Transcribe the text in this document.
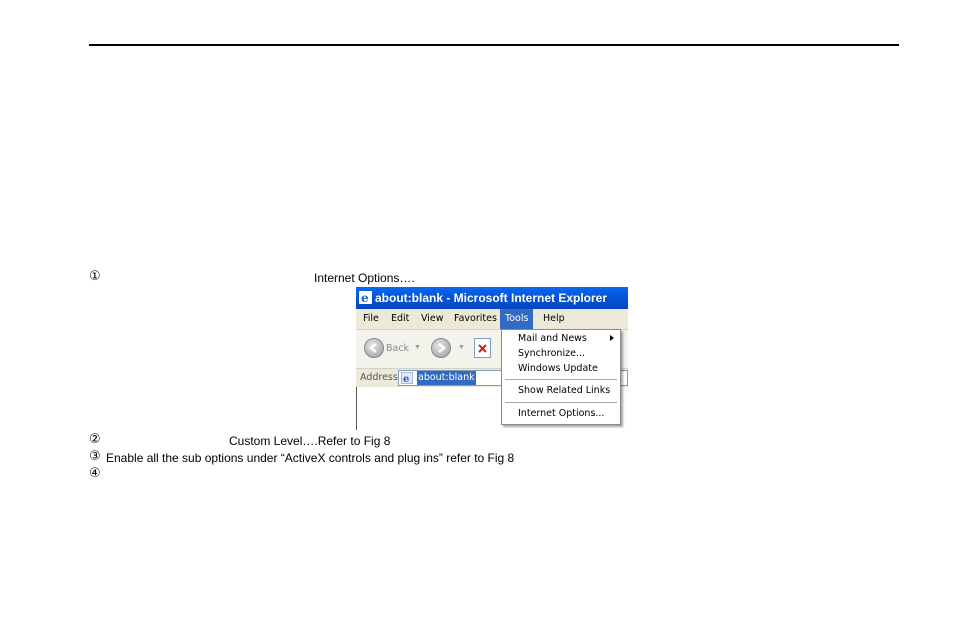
①	Internet Options….
e about:blank - Microsoft Internet Explorer
File Edit View Favorites Tools	Help
Back ▼	▼
Address e about:blank
Mail and News
Synchronize...
Windows Update
Show Related Links
Internet Options...
②	Custom Level….Refer to Fig 8
③ Enable all the sub options under “ActiveX controls and plug ins” refer to Fig 8
④
